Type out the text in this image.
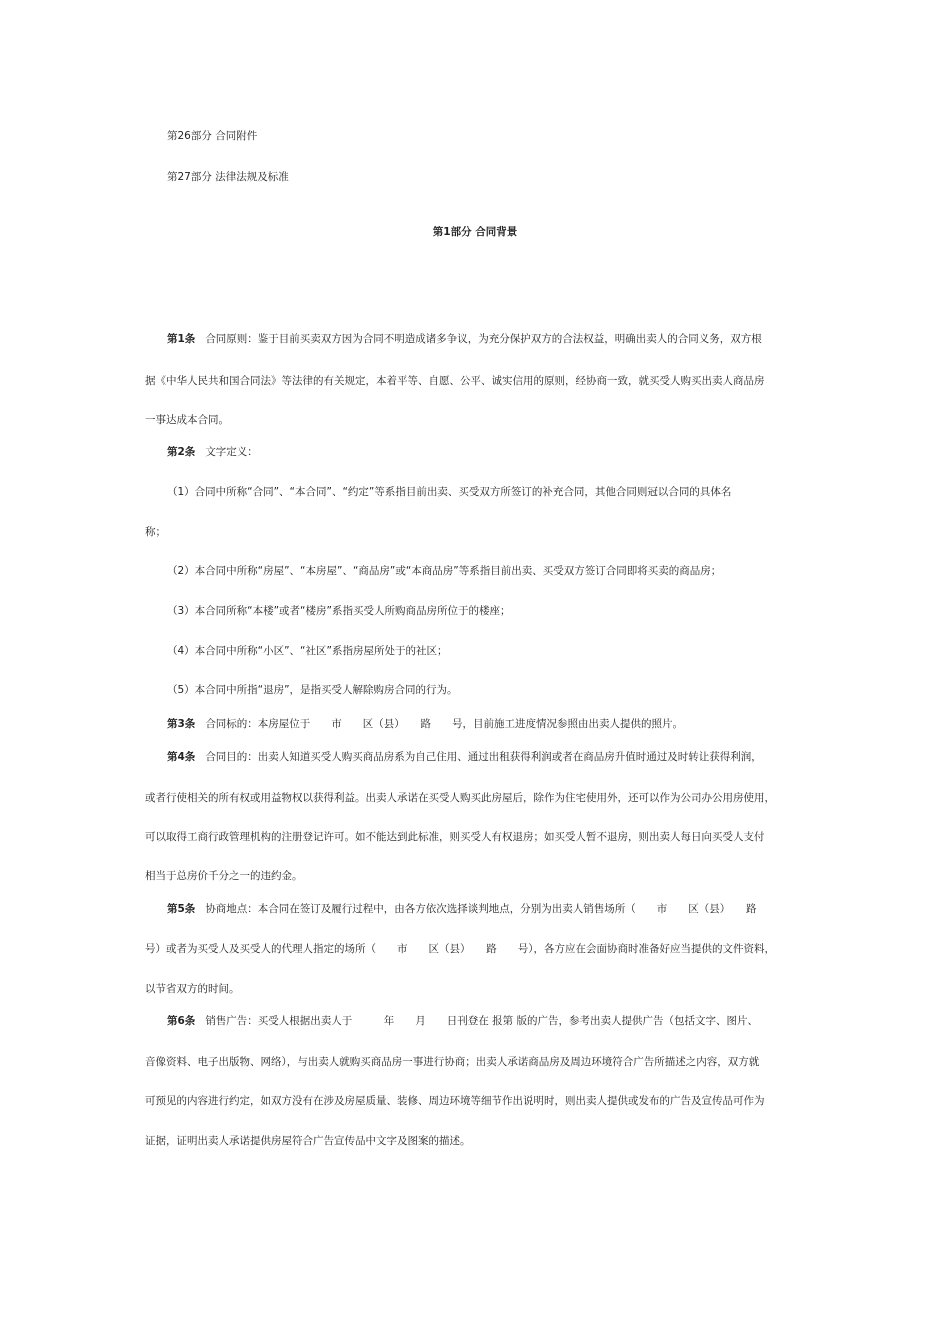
第26部分 合同附件
第27部分 法律法规及标准
第1部分 合同背景
第1条 合同原则：鉴于目前买卖双方因为合同不明造成诸多争议，为充分保护双方的合法权益，明确出卖人的合同义务，双方根
据《中华人民共和国合同法》等法律的有关规定，本着平等、自愿、公平、诚实信用的原则，经协商一致，就买受人购买出卖人商品房
一事达成本合同。
第2条 文字定义：
（1）合同中所称“合同”、“本合同”、“约定”等系指目前出卖、买受双方所签订的补充合同，其他合同则冠以合同的具体名
称；
（2）本合同中所称“房屋”、“本房屋”、“商品房”或“本商品房”等系指目前出卖、买受双方签订合同即将买卖的商品房；
（3）本合同所称“本楼”或者“楼房”系指买受人所购商品房所位于的楼座；
（4）本合同中所称“小区”、“社区”系指房屋所处于的社区；
（5）本合同中所指“退房”，是指买受人解除购房合同的行为。
第3条 合同标的：本房屋位于　　市　　区（县）　　路　　号，目前施工进度情况参照由出卖人提供的照片。
第4条 合同目的：出卖人知道买受人购买商品房系为自己住用、通过出租获得利润或者在商品房升值时通过及时转让获得利润，
或者行使相关的所有权或用益物权以获得利益。出卖人承诺在买受人购买此房屋后，除作为住宅使用外，还可以作为公司办公用房使用，
可以取得工商行政管理机构的注册登记许可。如不能达到此标准，则买受人有权退房；如买受人暂不退房，则出卖人每日向买受人支付
相当于总房价千分之一的违约金。
第5条 协商地点：本合同在签订及履行过程中，由各方依次选择谈判地点，分别为出卖人销售场所（　　市　　区（县）　　路
号）或者为买受人及买受人的代理人指定的场所（　　市　　区（县）　　路　　号），各方应在会面协商时准备好应当提供的文件资料，
以节省双方的时间。
第6条 销售广告：买受人根据出卖人于　　　年　　月　　日刊登在 报第 版的广告，参考出卖人提供广告（包括文字、图片、
音像资料、电子出版物、网络），与出卖人就购买商品房一事进行协商；出卖人承诺商品房及周边环境符合广告所描述之内容，双方就
可预见的内容进行约定，如双方没有在涉及房屋质量、装修、周边环境等细节作出说明时，则出卖人提供或发布的广告及宣传品可作为
证据，证明出卖人承诺提供房屋符合广告宣传品中文字及图案的描述。
